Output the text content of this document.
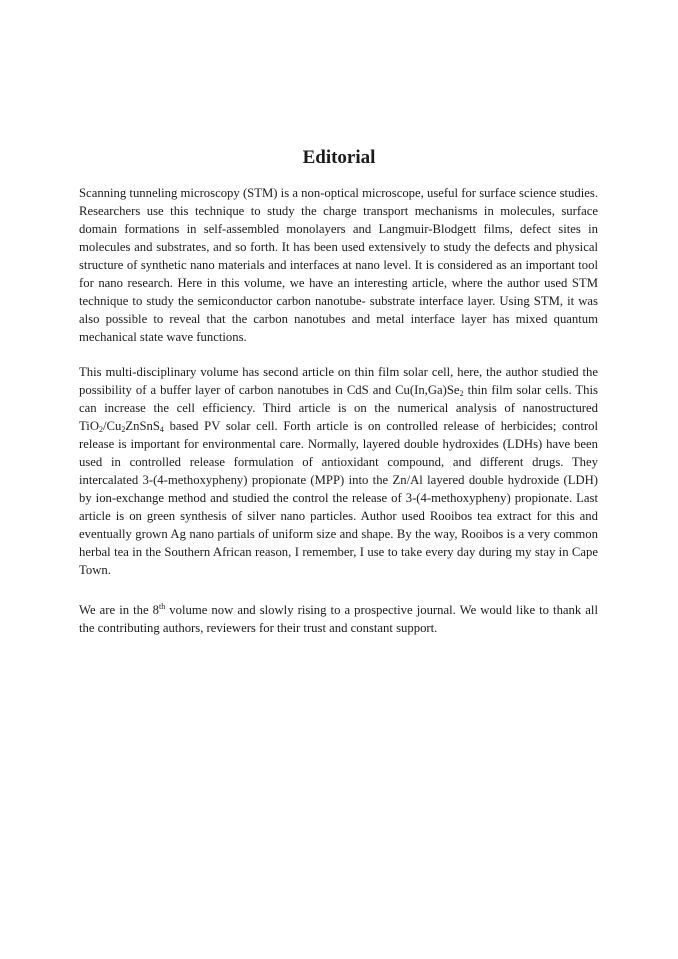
Editorial

Scanning tunneling microscopy (STM) is a non-optical microscope, useful for surface science studies. Researchers use this technique to study the charge transport mechanisms in molecules, surface domain formations in self-assembled monolayers and Langmuir-Blodgett films, defect sites in molecules and substrates, and so forth. It has been used extensively to study the defects and physical structure of synthetic nano materials and interfaces at nano level. It is considered as an important tool for nano research. Here in this volume, we have an interesting article, where the author used STM technique to study the semiconductor carbon nanotube- substrate interface layer. Using STM, it was also possible to reveal that the carbon nanotubes and metal interface layer has mixed quantum mechanical state wave functions.

This multi-disciplinary volume has second article on thin film solar cell, here, the author studied the possibility of a buffer layer of carbon nanotubes in CdS and $Cu(In,Ga)Se_2$ thin film solar cells. This can increase the cell efficiency. Third article is on the numerical analysis of nanostructured $TiO_2/Cu_2ZnSnS_4$ based PV solar cell. Forth article is on controlled release of herbicides; control release is important for environmental care. Normally, layered double hydroxides (LDHs) have been used in controlled release formulation of antioxidant compound, and different drugs. They intercalated 3-(4-methoxypheny) propionate (MPP) into the Zn/Al layered double hydroxide (LDH) by ion-exchange method and studied the control the release of 3-(4-methoxypheny) propionate. Last article is on green synthesis of silver nano particles. Author used Rooibos tea extract for this and eventually grown Ag nano partials of uniform size and shape. By the way, Rooibos is a very common herbal tea in the Southern African reason, I remember, I use to take every day during my stay in Cape Town.

We are in the 8th volume now and slowly rising to a prospective journal. We would like to thank all the contributing authors, reviewers for their trust and constant support.
